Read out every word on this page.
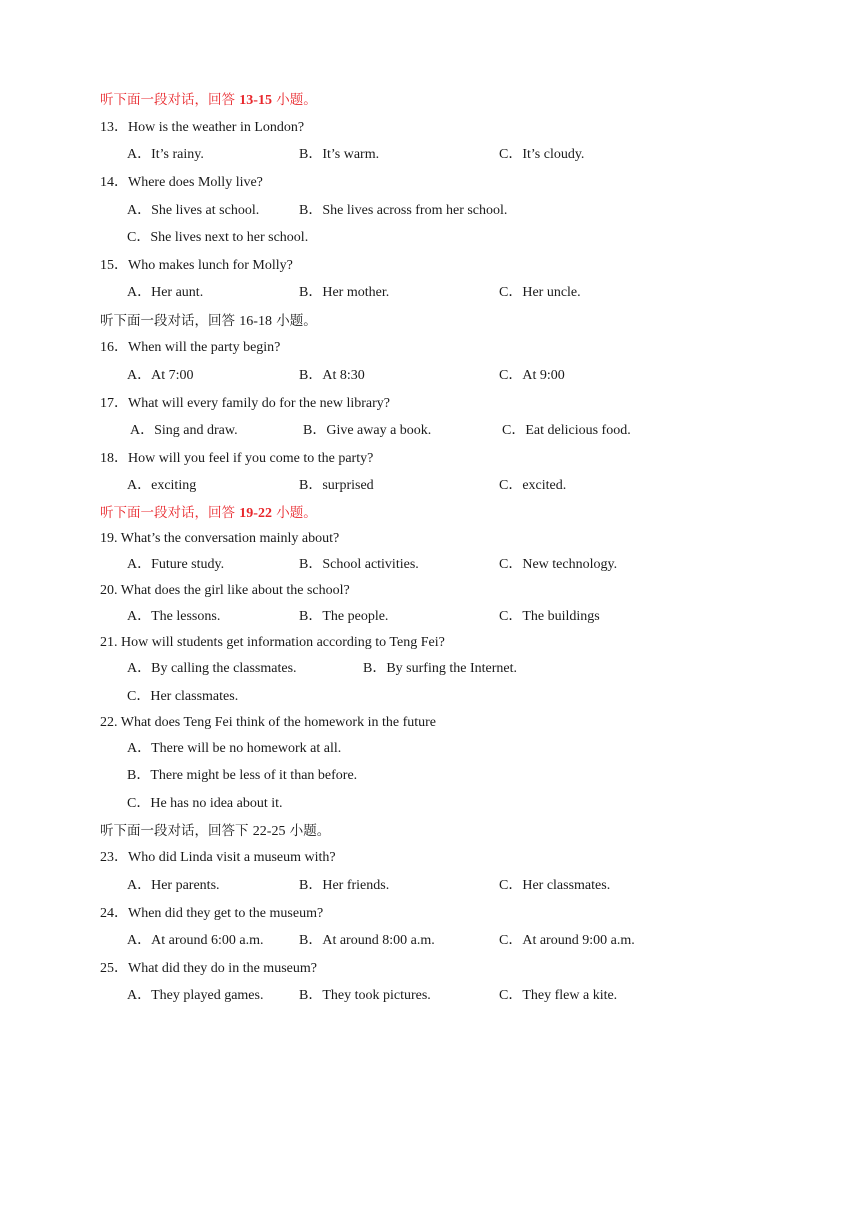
听下面一段对话，回答 13-15 小题。
13．How is the weather in London?
A．It’s rainy.	B．It’s warm.	C．It’s cloudy.
14．Where does Molly live?
A．She lives at school.	B．She lives across from her school.
C．She lives next to her school.
15．Who makes lunch for Molly?
A．Her aunt.	B．Her mother.	C．Her uncle.
听下面一段对话，回答 16-18 小题。
16．When will the party begin?
A．At 7:00	B．At 8:30	C．At 9:00
17．What will every family do for the new library?
A．Sing and draw.	B．Give away a book.	C．Eat delicious food.
18．How will you feel if you come to the party?
A．exciting	B．surprised	C．excited.
听下面一段对话，回答 19-22 小题。
19. What’s the conversation mainly about?
A．Future study.	B．School activities.	C．New technology.
20. What does the girl like about the school?
A．The lessons.	B．The people.	C．The buildings
21. How will students get information according to Teng Fei?
A．By calling the classmates.	B．By surfing the Internet.
C．Her classmates.
22. What does Teng Fei think of the homework in the future
A．There will be no homework at all.
B．There might be less of it than before.
C．He has no idea about it.
听下面一段对话，回答下 22-25 小题。
23．Who did Linda visit a museum with?
A．Her parents.	B．Her friends.	C．Her classmates.
24．When did they get to the museum?
A．At around 6:00 a.m.	B．At around 8:00 a.m.	C．At around 9:00 a.m.
25．What did they do in the museum?
A．They played games.	B．They took pictures.	C．They flew a kite.
